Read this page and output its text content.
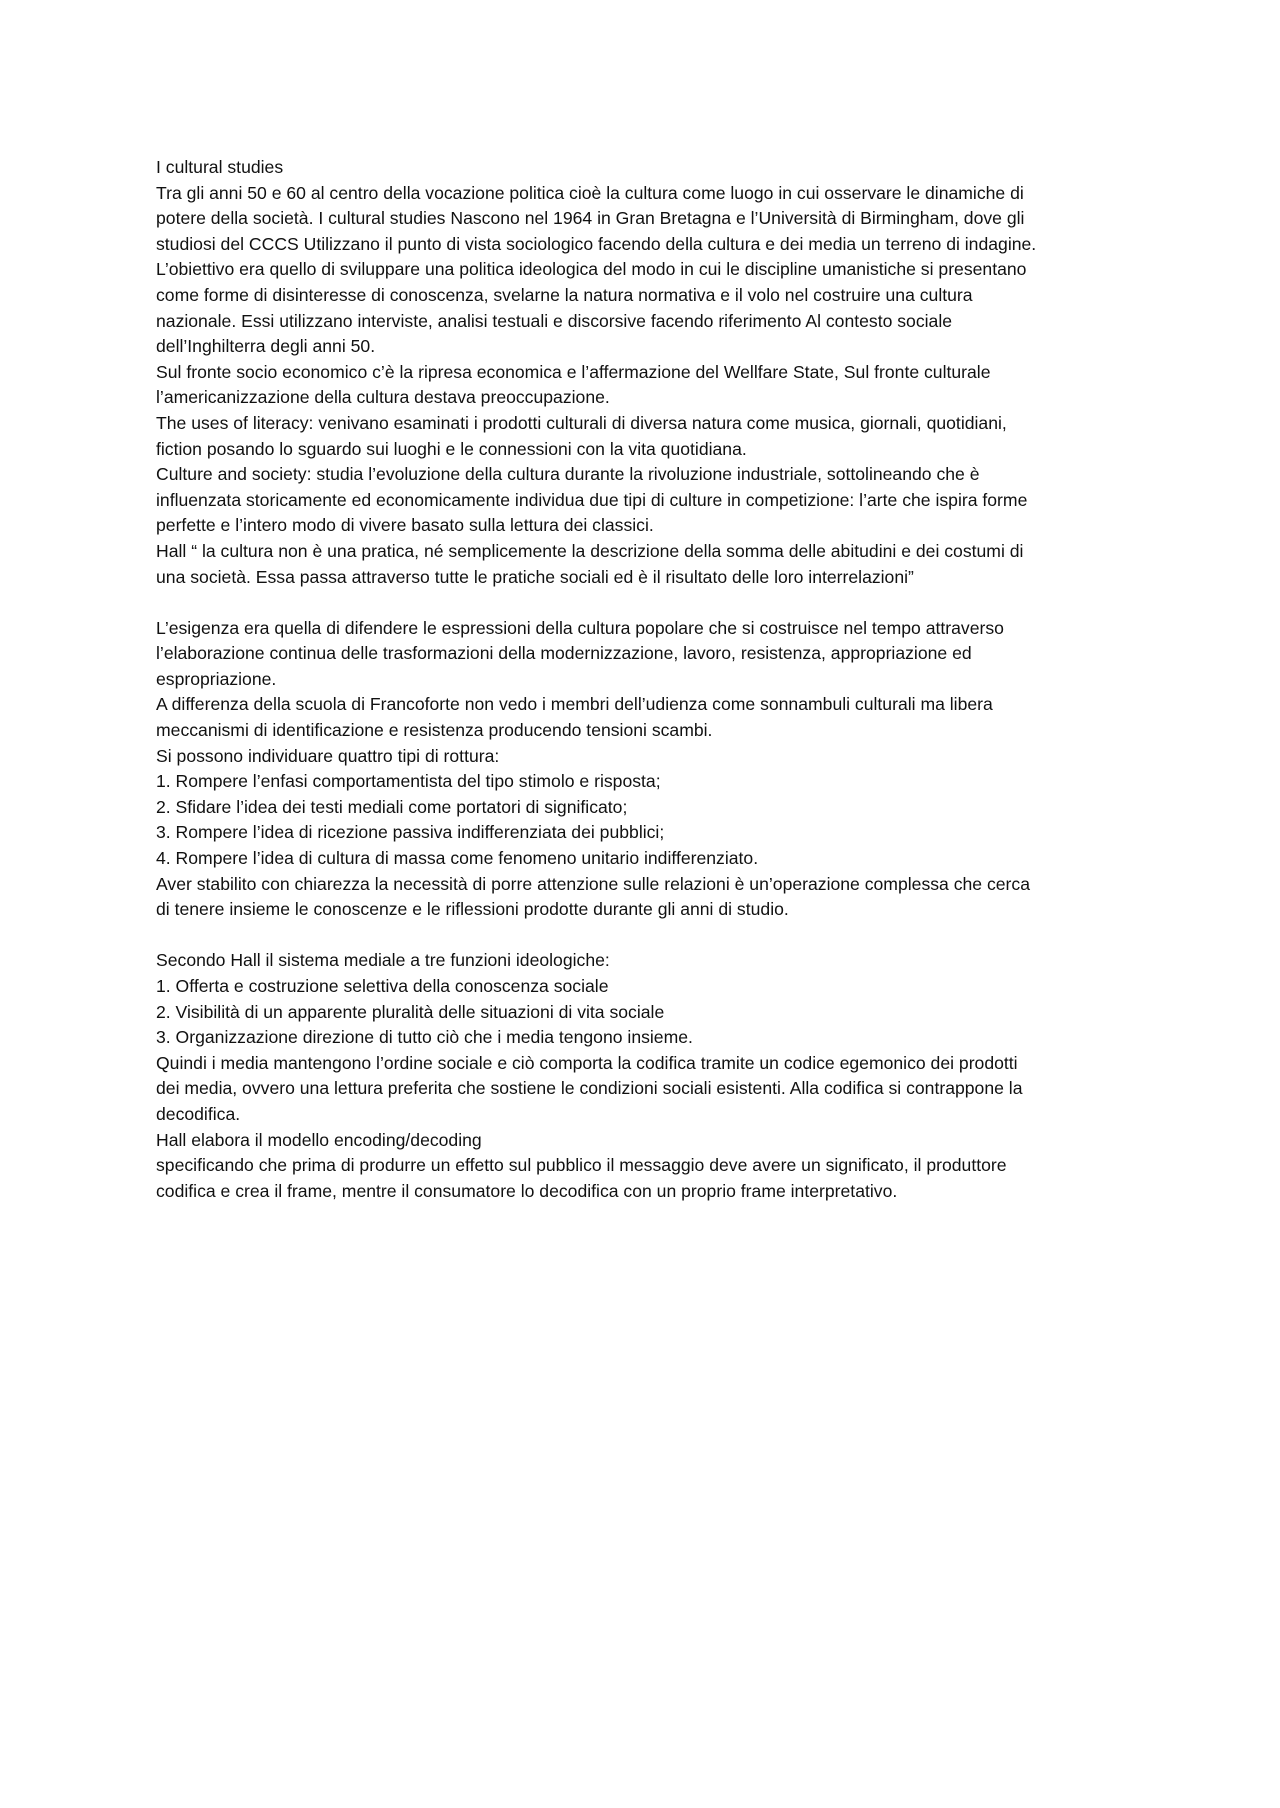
I cultural studies
Tra gli anni 50 e 60 al centro della vocazione politica cioè la cultura come luogo in cui osservare le dinamiche di
potere della società. I cultural studies Nascono nel 1964 in Gran Bretagna e l’Università di Birmingham, dove gli
studiosi del CCCS Utilizzano il punto di vista sociologico facendo della cultura e dei media un terreno di indagine.
L’obiettivo era quello di sviluppare una politica ideologica del modo in cui le discipline umanistiche si presentano
come forme di disinteresse di conoscenza, svelarne la natura normativa e il volo nel costruire una cultura
nazionale. Essi utilizzano interviste, analisi testuali e discorsive facendo riferimento Al contesto sociale
dell’Inghilterra degli anni 50.
Sul fronte socio economico c’è la ripresa economica e l’affermazione del Wellfare State, Sul fronte culturale
l’americanizzazione della cultura destava preoccupazione.
The uses of literacy: venivano esaminati i prodotti culturali di diversa natura come musica, giornali, quotidiani,
fiction posando lo sguardo sui luoghi e le connessioni con la vita quotidiana.
Culture and society: studia l’evoluzione della cultura durante la rivoluzione industriale, sottolineando che è
influenzata storicamente ed economicamente individua due tipi di culture in competizione: l’arte che ispira forme
perfette e l’intero modo di vivere basato sulla lettura dei classici.
Hall “ la cultura non è una pratica, né semplicemente la descrizione della somma delle abitudini e dei costumi di
una società. Essa passa attraverso tutte le pratiche sociali ed è il risultato delle loro interrelazioni”
L’esigenza era quella di difendere le espressioni della cultura popolare che si costruisce nel tempo attraverso
l’elaborazione continua delle trasformazioni della modernizzazione, lavoro, resistenza, appropriazione ed
espropriazione.
A differenza della scuola di Francoforte non vedo i membri dell’udienza come sonnambuli culturali ma libera
meccanismi di identificazione e resistenza producendo tensioni scambi.
Si possono individuare quattro tipi di rottura:
1. Rompere l’enfasi comportamentista del tipo stimolo e risposta;
2. Sfidare l’idea dei testi mediali come portatori di significato;
3. Rompere l’idea di ricezione passiva indifferenziata dei pubblici;
4. Rompere l’idea di cultura di massa come fenomeno unitario indifferenziato.
Aver stabilito con chiarezza la necessità di porre attenzione sulle relazioni è un’operazione complessa che cerca
di tenere insieme le conoscenze e le riflessioni prodotte durante gli anni di studio.
Secondo Hall il sistema mediale a tre funzioni ideologiche:
1. Offerta e costruzione selettiva della conoscenza sociale
2. Visibilità di un apparente pluralità delle situazioni di vita sociale
3. Organizzazione direzione di tutto ciò che i media tengono insieme.
Quindi i media mantengono l’ordine sociale e ciò comporta la codifica tramite un codice egemonico dei prodotti
dei media, ovvero una lettura preferita che sostiene le condizioni sociali esistenti. Alla codifica si contrappone la
decodifica.
Hall elabora il modello encoding/decoding
specificando che prima di produrre un effetto sul pubblico il messaggio deve avere un significato, il produttore
codifica e crea il frame, mentre il consumatore lo decodifica con un proprio frame interpretativo.
